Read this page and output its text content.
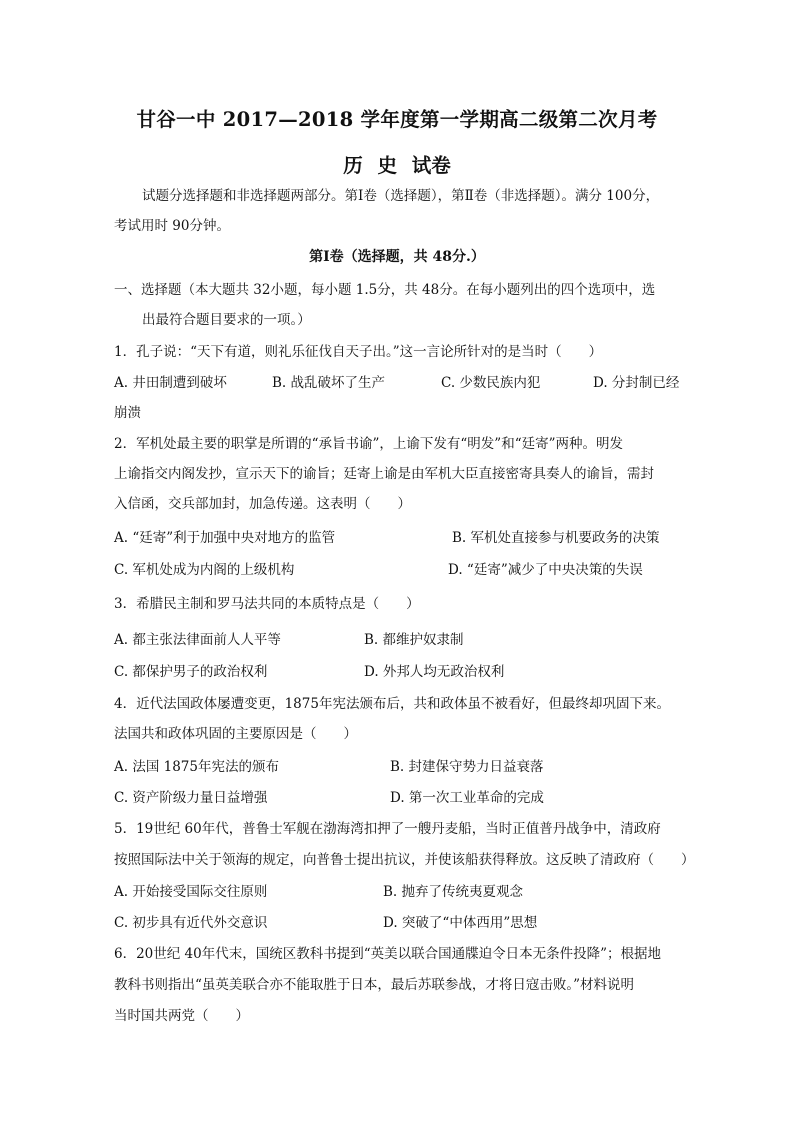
甘谷一中 2017—2018 学年度第一学期高二级第二次月考
历 史 试卷
试题分选择题和非选择题两部分。第Ⅰ卷（选择题），第Ⅱ卷（非选择题）。满分 100分，
考试用时 90分钟。
第Ⅰ卷（选择题，共 48分.）
一、选择题（本大题共 32小题，每小题 1.5分，共 48分。在每小题列出的四个选项中，选
出最符合题目要求的一项。）
1．孔子说：“天下有道，则礼乐征伐自天子出。”这一言论所针对的是当时（　　）
A. 井田制遭到破坏	B. 战乱破坏了生产	C. 少数民族内犯	D. 分封制已经
崩溃
2．军机处最主要的职掌是所谓的“承旨书谕”，上谕下发有“明发”和“廷寄”两种。明发
上谕指交内阁发抄，宣示天下的谕旨；廷寄上谕是由军机大臣直接密寄具奏人的谕旨，需封
入信函，交兵部加封，加急传递。这表明（　　）
A. “廷寄”利于加强中央对地方的监管	B. 军机处直接参与机要政务的决策
C. 军机处成为内阁的上级机构	D. “廷寄”减少了中央决策的失误
3．希腊民主制和罗马法共同的本质特点是（　　）
A. 都主张法律面前人人平等	B. 都维护奴隶制
C. 都保护男子的政治权利	D. 外邦人均无政治权利
4．近代法国政体屡遭变更，1875年宪法颁布后，共和政体虽不被看好，但最终却巩固下来。
法国共和政体巩固的主要原因是（　　）
A. 法国 1875年宪法的颁布	B. 封建保守势力日益衰落
C. 资产阶级力量日益增强	D. 第一次工业革命的完成
5．19世纪 60年代，普鲁士军舰在渤海湾扣押了一艘丹麦船，当时正值普丹战争中，清政府
按照国际法中关于领海的规定，向普鲁士提出抗议，并使该船获得释放。这反映了清政府（　　）
A. 开始接受国际交往原则	B. 抛弃了传统夷夏观念
C. 初步具有近代外交意识	D. 突破了“中体西用”思想
6．20世纪 40年代末，国统区教科书提到“英美以联合国通牒迫令日本无条件投降”；根据地
教科书则指出“虽英美联合亦不能取胜于日本，最后苏联参战，才将日寇击败。”材料说明
当时国共两党（　　）
